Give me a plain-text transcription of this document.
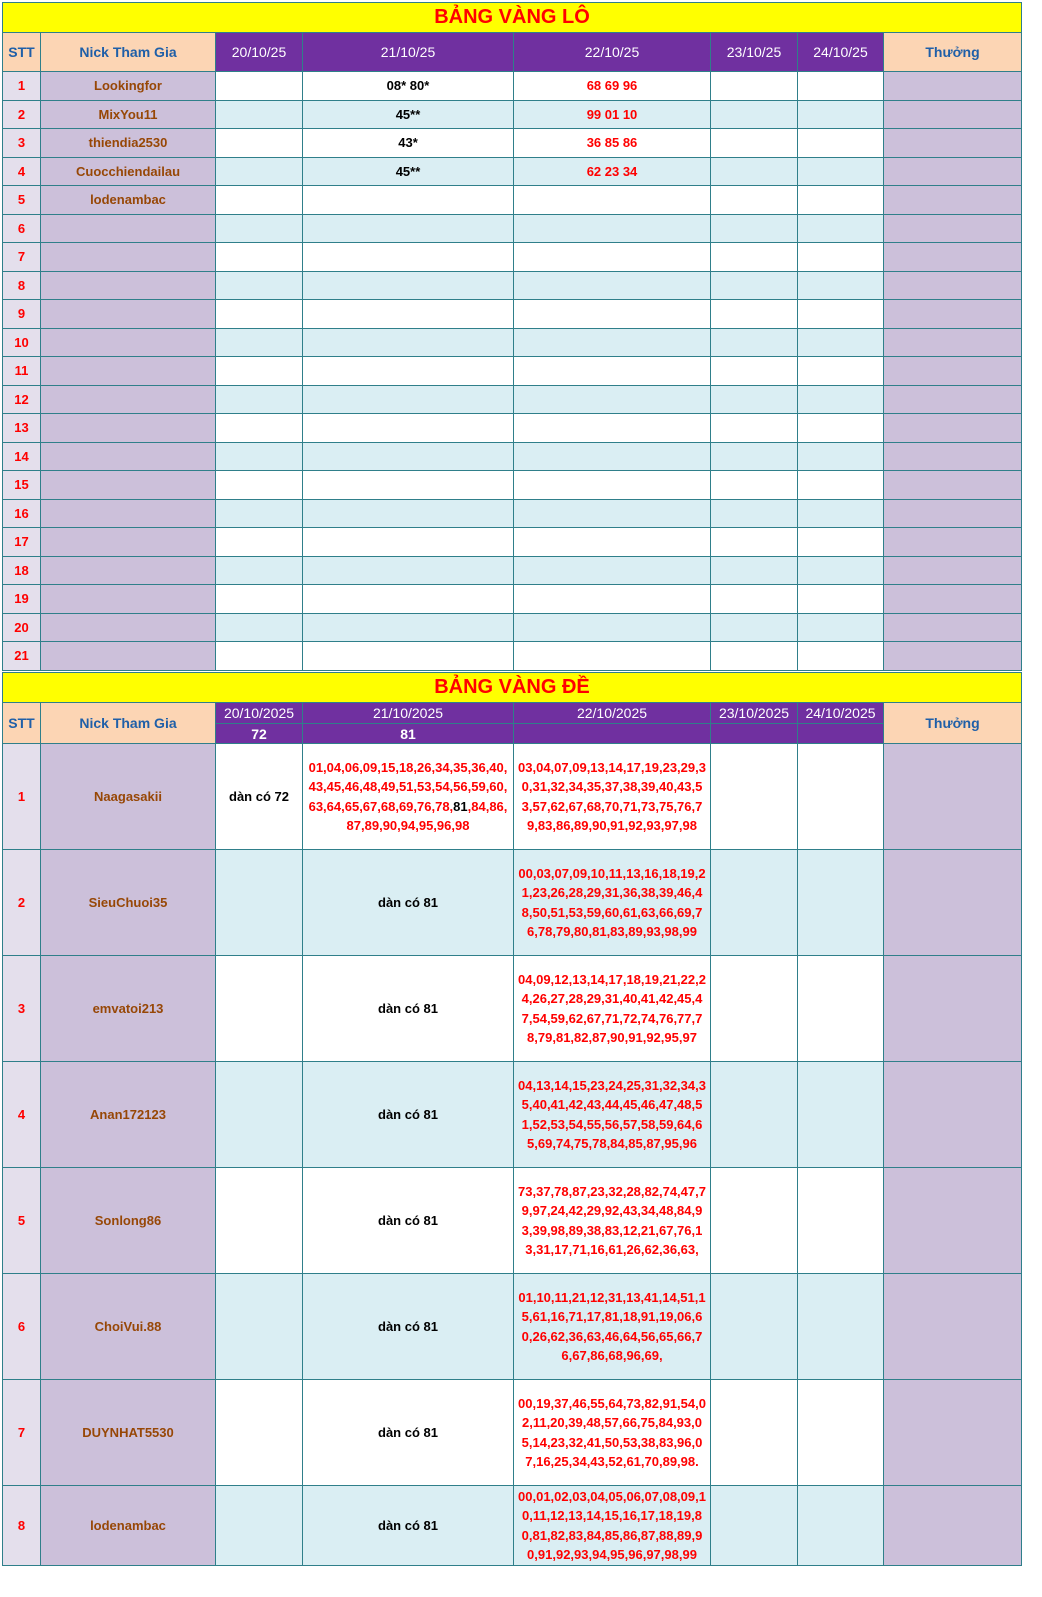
BẢNG VÀNG LÔ							
STT	Nick Tham Gia	20/10/25	21/10/25	22/10/25	23/10/25	24/10/25	Thưởng
1	Lookingfor		08* 80*	68 69 96			
2	MixYou11		45**	99 01 10			
3	thiendia2530		43*	36 85 86			
4	Cuocchiendailau		45**	62 23 34			
5	lodenambac						
6							
7							
8							
9							
10							
11							
12							
13							
14							
15							
16							
17							
18							
19							
20							
21							
BẢNG VÀNG ĐỀ							
STT	Nick Tham Gia	20/10/2025	21/10/2025	22/10/2025	23/10/2025	24/10/2025	Thưởng
		72	81				
1	Naagasakii	dàn có 72	01,04,06,09,15,18,26,34,35,36,40,43,45,46,48,49,51,53,54,56,59,60,63,64,65,67,68,69,76,78,81,84,86,87,89,90,94,95,96,98	03,04,07,09,13,14,17,19,23,29,30,31,32,34,35,37,38,39,40,43,53,57,62,67,68,70,71,73,75,76,79,83,86,89,90,91,92,93,97,98			
2	SieuChuoi35		dàn có 81	00,03,07,09,10,11,13,16,18,19,21,23,26,28,29,31,36,38,39,46,48,50,51,53,59,60,61,63,66,69,76,78,79,80,81,83,89,93,98,99			
3	emvatoi213		dàn có 81	04,09,12,13,14,17,18,19,21,22,24,26,27,28,29,31,40,41,42,45,47,54,59,62,67,71,72,74,76,77,78,79,81,82,87,90,91,92,95,97			
4	Anan172123		dàn có 81	04,13,14,15,23,24,25,31,32,34,35,40,41,42,43,44,45,46,47,48,51,52,53,54,55,56,57,58,59,64,65,69,74,75,78,84,85,87,95,96			
5	Sonlong86		dàn có 81	73,37,78,87,23,32,28,82,74,47,79,97,24,42,29,92,43,34,48,84,93,39,98,89,38,83,12,21,67,76,13,31,17,71,16,61,26,62,36,63,			
6	ChoiVui.88		dàn có 81	01,10,11,21,12,31,13,41,14,51,15,61,16,71,17,81,18,91,19,06,60,26,62,36,63,46,64,56,65,66,76,67,86,68,96,69,			
7	DUYNHAT5530		dàn có 81	00,19,37,46,55,64,73,82,91,54,02,11,20,39,48,57,66,75,84,93,05,14,23,32,41,50,53,38,83,96,07,16,25,34,43,52,61,70,89,98.			
8	lodenambac		dàn có 81	00,01,02,03,04,05,06,07,08,09,10,11,12,13,14,15,16,17,18,19,80,81,82,83,84,85,86,87,88,89,90,91,92,93,94,95,96,97,98,99			
